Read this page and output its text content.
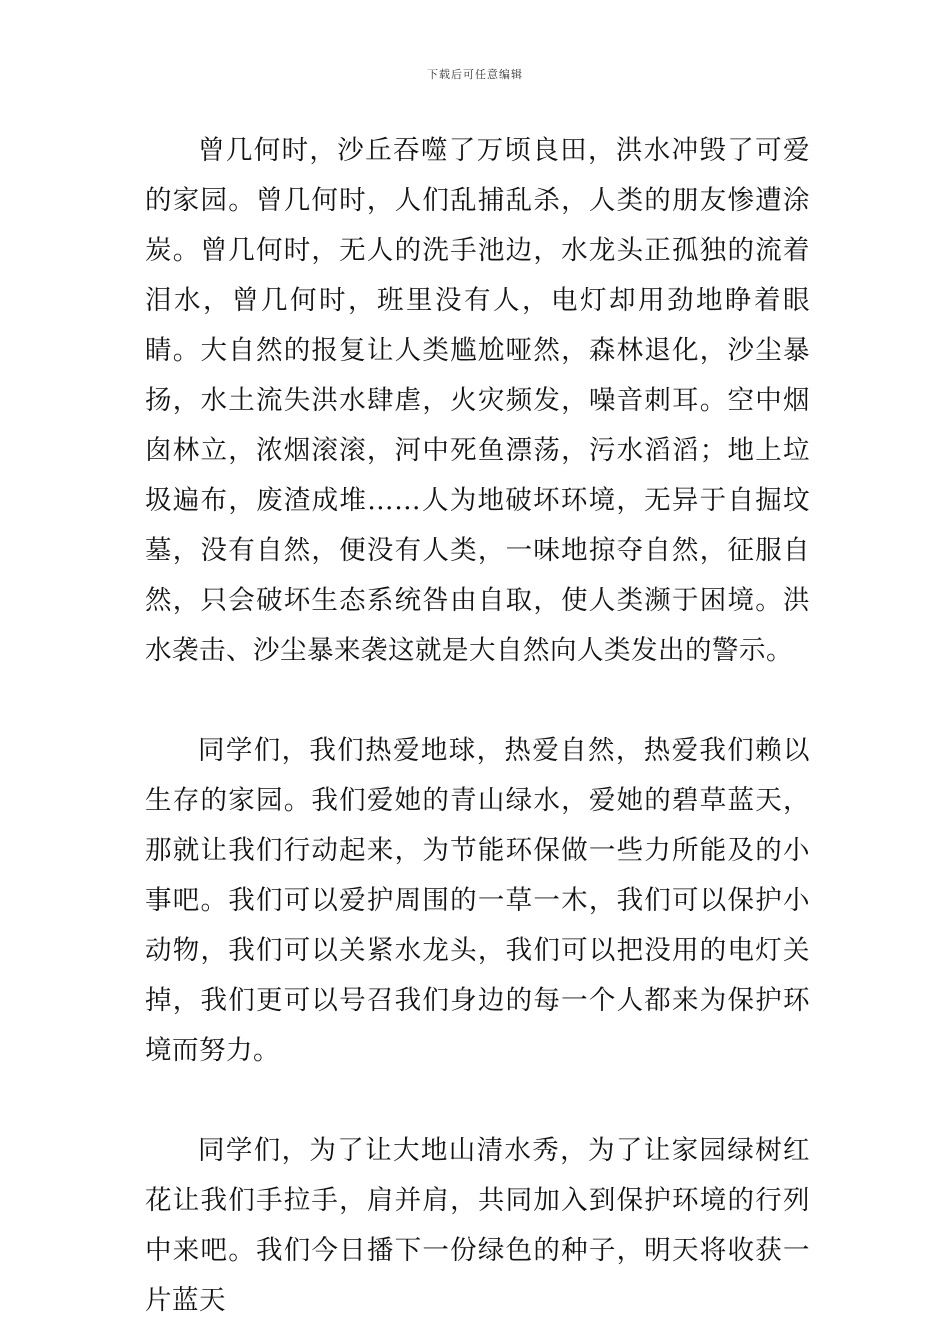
下载后可任意编辑

曾几何时，沙丘吞噬了万顷良田，洪水冲毁了可爱的家园。曾几何时，人们乱捕乱杀，人类的朋友惨遭涂炭。曾几何时，无人的洗手池边，水龙头正孤独的流着泪水，曾几何时，班里没有人，电灯却用劲地睁着眼睛。大自然的报复让人类尴尬哑然，森林退化，沙尘暴扬，水土流失洪水肆虐，火灾频发，噪音刺耳。空中烟囱林立，浓烟滚滚，河中死鱼漂荡，污水滔滔；地上垃圾遍布，废渣成堆……人为地破坏环境，无异于自掘坟墓，没有自然，便没有人类，一味地掠夺自然，征服自然，只会破坏生态系统咎由自取，使人类濒于困境。洪水袭击、沙尘暴来袭这就是大自然向人类发出的警示。

同学们，我们热爱地球，热爱自然，热爱我们赖以生存的家园。我们爱她的青山绿水，爱她的碧草蓝天，那就让我们行动起来，为节能环保做一些力所能及的小事吧。我们可以爱护周围的一草一木，我们可以保护小动物，我们可以关紧水龙头，我们可以把没用的电灯关掉，我们更可以号召我们身边的每一个人都来为保护环境而努力。

同学们，为了让大地山清水秀，为了让家园绿树红花让我们手拉手，肩并肩，共同加入到保护环境的行列中来吧。我们今日播下一份绿色的种子，明天将收获一片蓝天
